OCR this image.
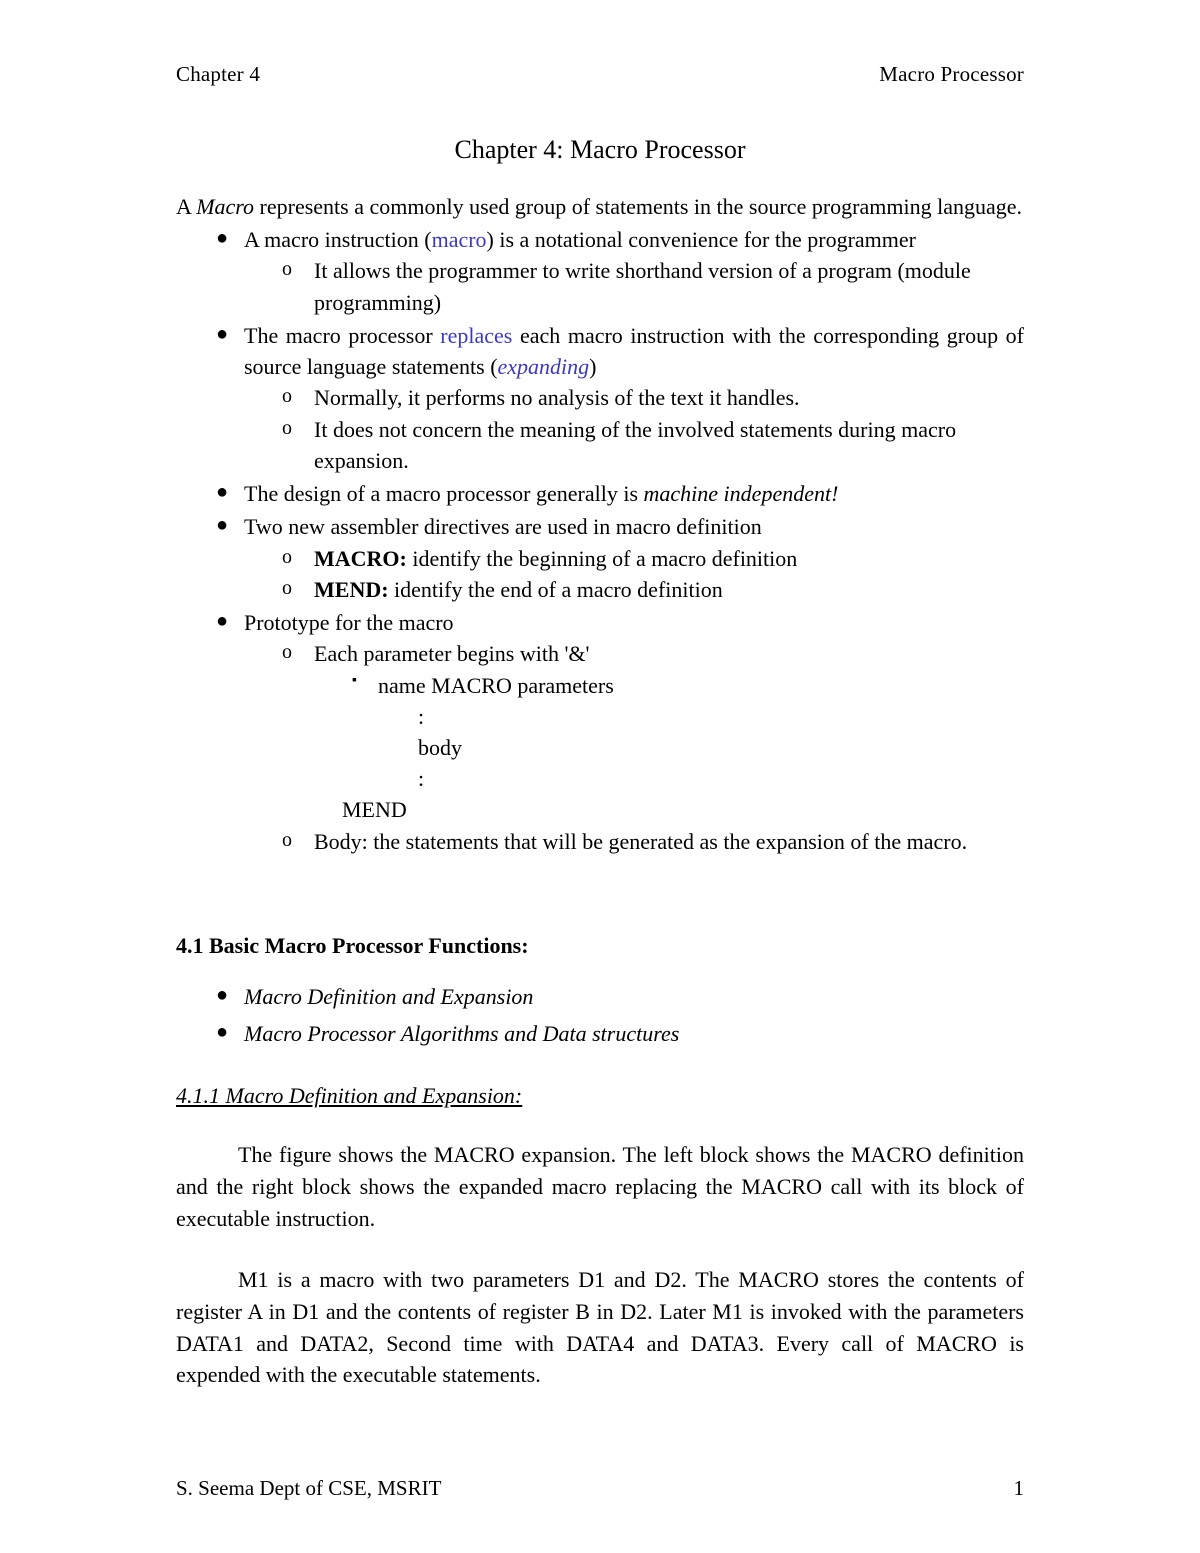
Chapter 4	Macro Processor
Chapter 4: Macro Processor

A Macro represents a commonly used group of statements in the source programming language.

● A macro instruction (macro) is a notational convenience for the programmer
o It allows the programmer to write shorthand version of a program (module programming)
● The macro processor replaces each macro instruction with the corresponding group of source language statements (expanding)
o Normally, it performs no analysis of the text it handles.
o It does not concern the meaning of the involved statements during macro expansion.
● The design of a macro processor generally is machine independent!
● Two new assembler directives are used in macro definition
o MACRO: identify the beginning of a macro definition
o MEND: identify the end of a macro definition
● Prototype for the macro
o Each parameter begins with '&'
▪ name MACRO parameters
:
body
:
MEND
o Body: the statements that will be generated as the expansion of the macro.
4.1 Basic Macro Processor Functions:
● Macro Definition and Expansion
● Macro Processor Algorithms and Data structures
4.1.1 Macro Definition and Expansion:

The figure shows the MACRO expansion. The left block shows the MACRO definition and the right block shows the expanded macro replacing the MACRO call with its block of executable instruction.

M1 is a macro with two parameters D1 and D2. The MACRO stores the contents of register A in D1 and the contents of register B in D2. Later M1 is invoked with the parameters DATA1 and DATA2, Second time with DATA4 and DATA3. Every call of MACRO is expended with the executable statements.

S. Seema Dept of CSE, MSRIT	1
